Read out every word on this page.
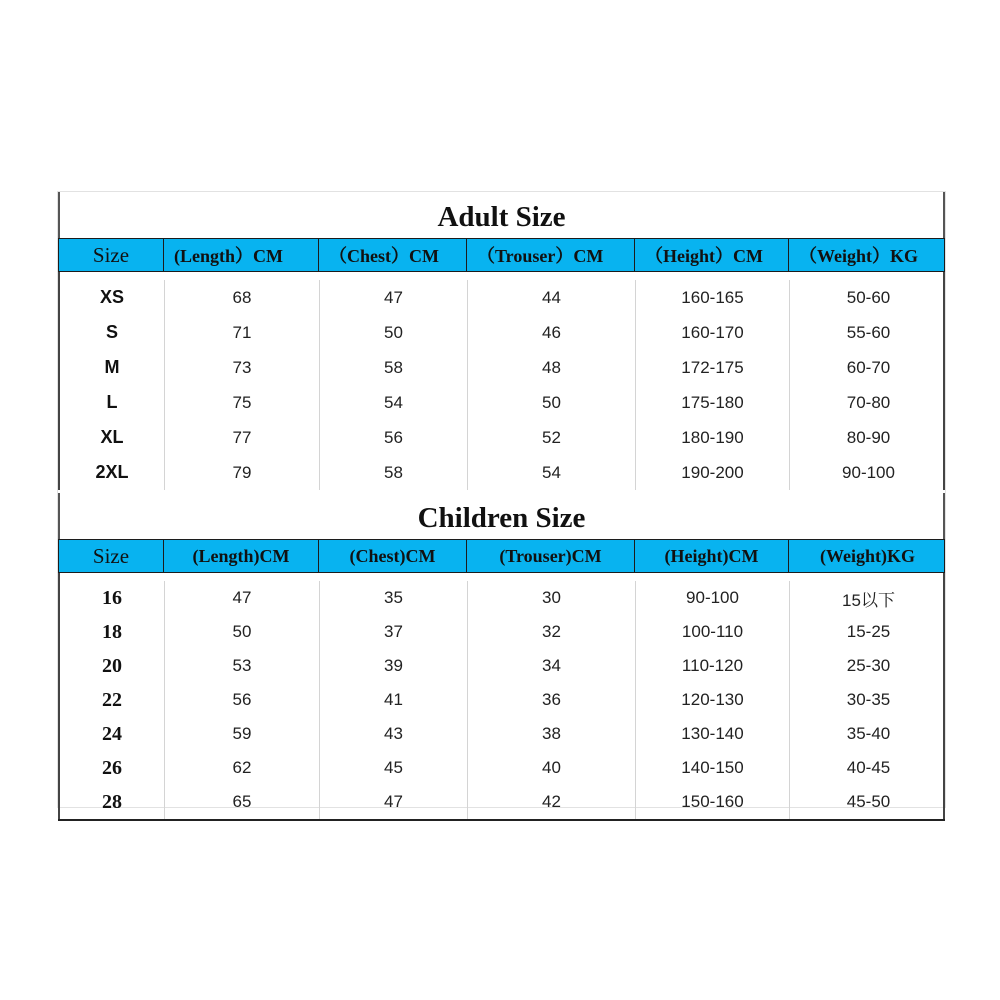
Adult Size
Size	(Length）CM	（Chest）CM	（Trouser）CM	（Height）CM	（Weight）KG
XS	68	47	44	160-165	50-60
S	71	50	46	160-170	55-60
M	73	58	48	172-175	60-70
L	75	54	50	175-180	70-80
XL	77	56	52	180-190	80-90
2XL	79	58	54	190-200	90-100
Children Size
Size	(Length)CM	(Chest)CM	(Trouser)CM	(Height)CM	(Weight)KG
16	47	35	30	90-100	15以下
18	50	37	32	100-110	15-25
20	53	39	34	110-120	25-30
22	56	41	36	120-130	30-35
24	59	43	38	130-140	35-40
26	62	45	40	140-150	40-45
28	65	47	42	150-160	45-50
